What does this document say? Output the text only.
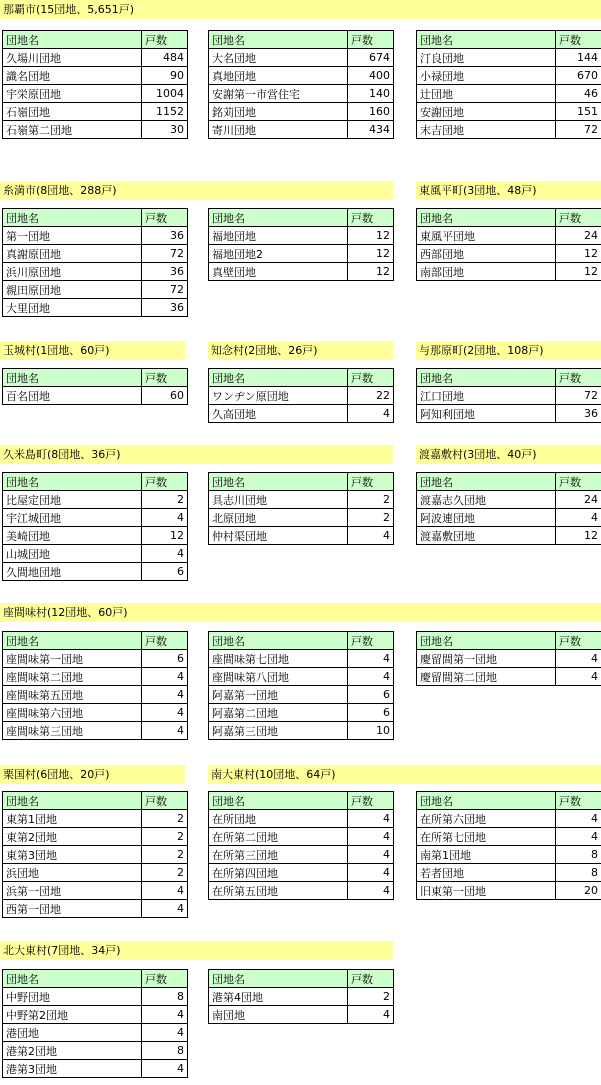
那覇市(15団地、5,651戸)
団地名	戸数
久場川団地	484
識名団地	90
宇栄原団地	1004
石嶺団地	1152
石嶺第二団地	30
団地名	戸数
大名団地	674
真地団地	400
安謝第一市営住宅	140
銘苅団地	160
寄川団地	434
団地名	戸数
汀良団地	144
小禄団地	670
辻団地	46
安謝団地	151
末吉団地	72
糸満市(8団地、288戸)
団地名	戸数
第一団地	36
真謝原団地	72
浜川原団地	36
親田原団地	72
大里団地	36
団地名	戸数
福地団地	12
福地団地2	12
真壁団地	12
東風平町(3団地、48戸)
団地名	戸数
東風平団地	24
西部団地	12
南部団地	12
玉城村(1団地、60戸)
団地名	戸数
百名団地	60
知念村(2団地、26戸)
団地名	戸数
ワンヂン原団地	22
久高団地	4
与那原町(2団地、108戸)
団地名	戸数
江口団地	72
阿知利団地	36
久米島町(8団地、36戸)
団地名	戸数
比屋定団地	2
宇江城団地	4
美崎団地	12
山城団地	4
久間地団地	6
団地名	戸数
具志川団地	2
北原団地	2
仲村渠団地	4
渡嘉敷村(3団地、40戸)
団地名	戸数
渡嘉志久団地	24
阿波連団地	4
渡嘉敷団地	12
座間味村(12団地、60戸)
団地名	戸数
座間味第一団地	6
座間味第二団地	4
座間味第五団地	4
座間味第六団地	4
座間味第三団地	4
団地名	戸数
座間味第七団地	4
座間味第八団地	4
阿嘉第一団地	6
阿嘉第二団地	6
阿嘉第三団地	10
団地名	戸数
慶留間第一団地	4
慶留間第二団地	4
栗国村(6団地、20戸)
団地名	戸数
東第1団地	2
東第2団地	2
東第3団地	2
浜団地	2
浜第一団地	4
西第一団地	4
南大東村(10団地、64戸)
団地名	戸数
在所団地	4
在所第二団地	4
在所第三団地	4
在所第四団地	4
在所第五団地	4
団地名	戸数
在所第六団地	4
在所第七団地	4
南第1団地	8
若者団地	8
旧東第一団地	20
北大東村(7団地、34戸)
団地名	戸数
中野団地	8
中野第2団地	4
港団地	4
港第2団地	8
港第3団地	4
団地名	戸数
港第4団地	2
南団地	4
